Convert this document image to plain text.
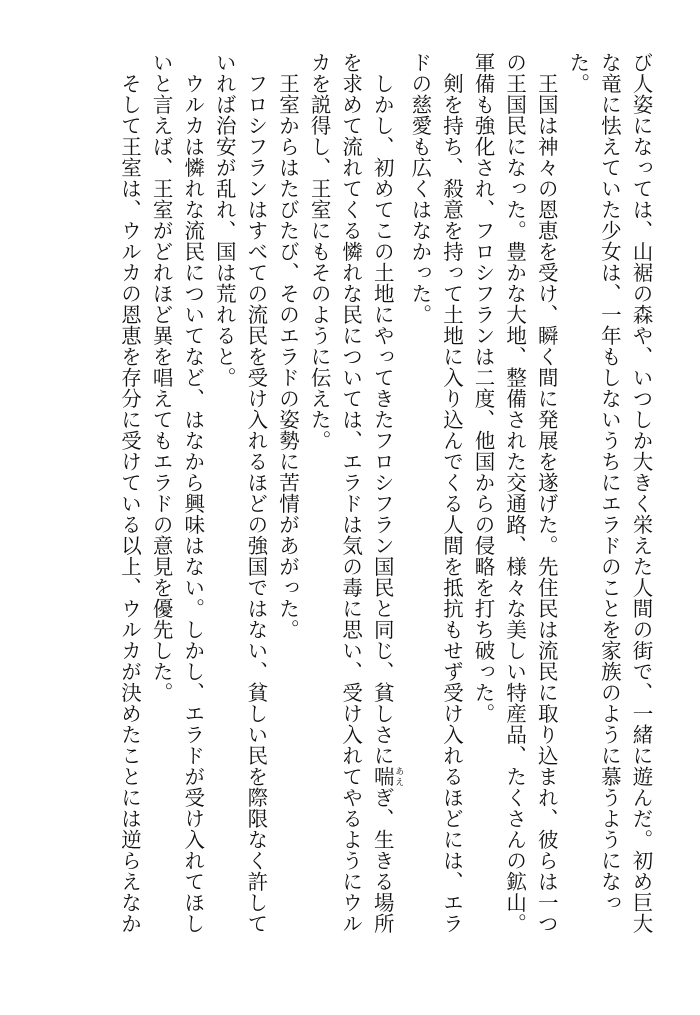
び人姿になっては、山裾の森や、いつしか大きく栄えた人間の街で、一緒に遊んだ。初め巨大な竜に怯えていた少女は、一年もしないうちにエラドのことを家族のように慕うようになった。

王国は神々の恩恵を受け、瞬く間に発展を遂げた。先住民は流民に取り込まれ、彼らは一つの王国民になった。豊かな大地、整備された交通路、様々な美しい特産品、たくさんの鉱山。軍備も強化され、フロシフランは二度、他国からの侵略を打ち破った。

剣を持ち、殺意を持って土地に入り込んでくる人間を抵抗もせず受け入れるほどには、エラドの慈愛も広くはなかった。

しかし、初めてこの土地にやってきたフロシフラン国民と同じ、貧しさに喘 あえぎ、生きる場所を求めて流れてくる憐れな民については、エラドは気の毒に思い、受け入れてやるようにウルカを説得し、王室にもそのように伝えた。

王室からはたびたび、そのエラドの姿勢に苦情があがった。

フロシフランはすべての流民を受け入れるほどの強国ではない、貧しい民を際限なく許していれば治安が乱れ、国は荒れると。

ウルカは憐れな流民についてなど、はなから興味はない。しかし、エラドが受け入れてほしいと言えば、王室がどれほど異を唱えてもエラドの意見を優先した。

そして王室は、ウルカの恩恵を存分に受けている以上、ウルカが決めたことには逆らえなか
